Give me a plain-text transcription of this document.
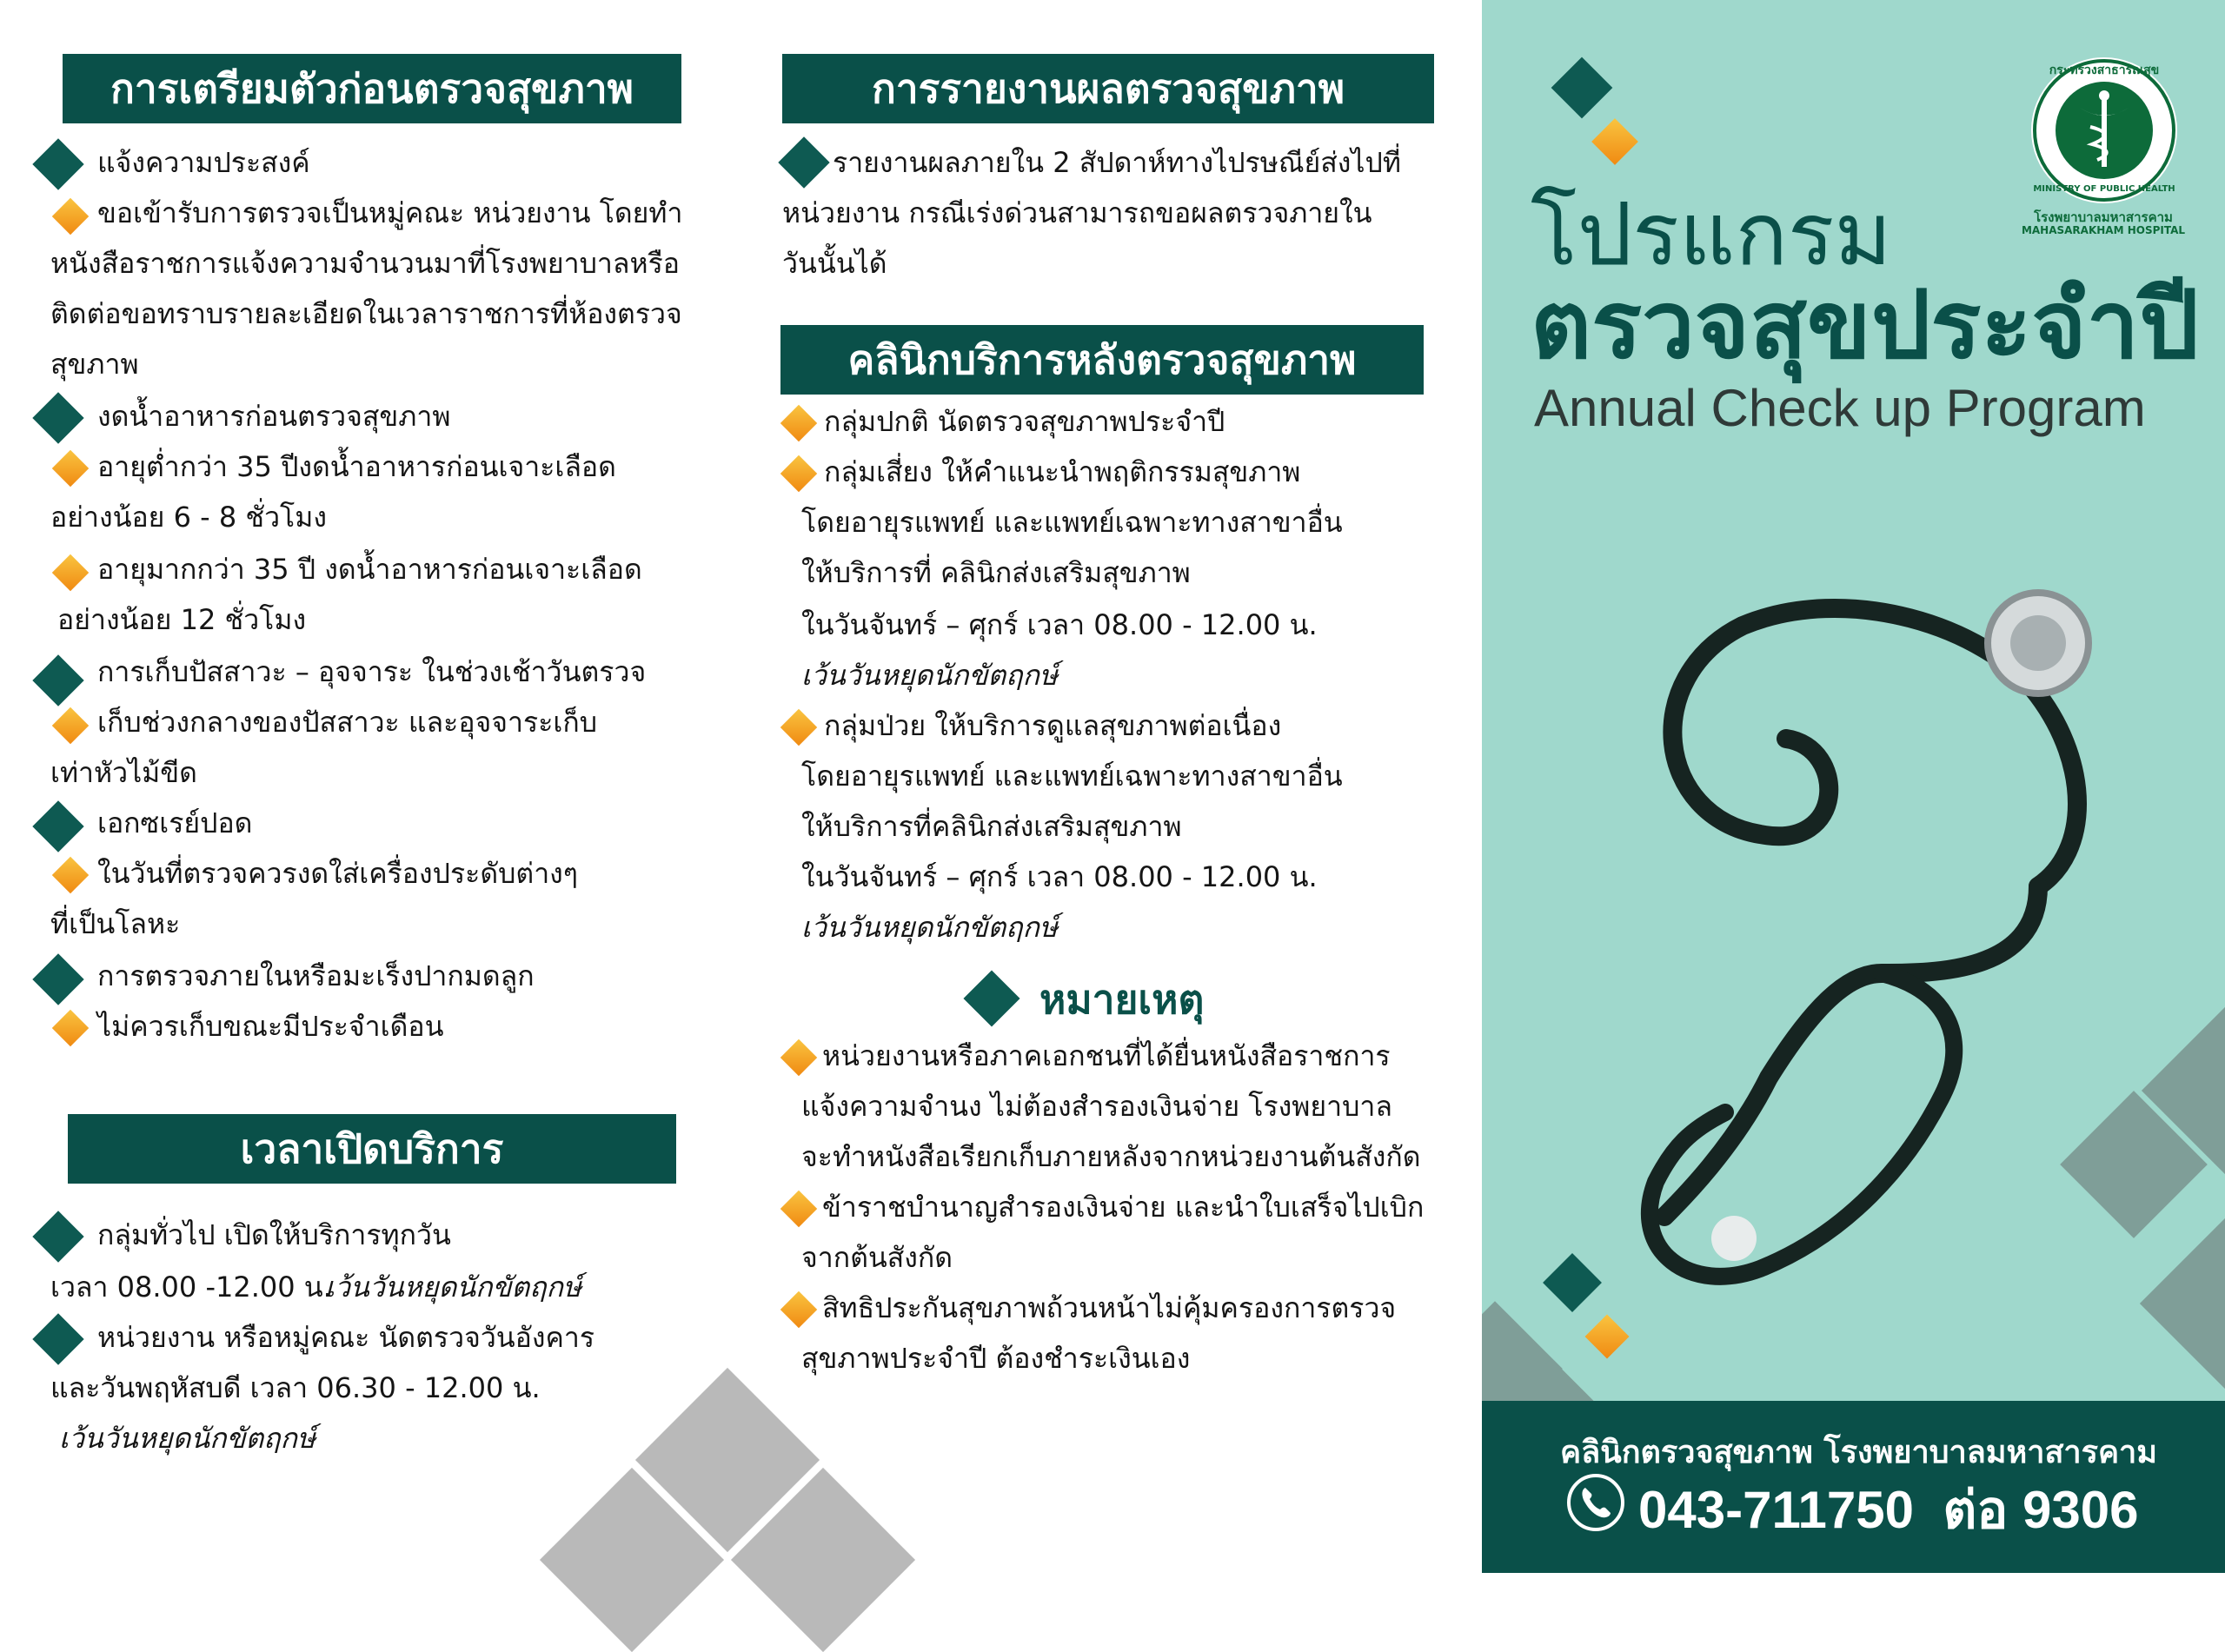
การเตรียมตัวก่อนตรวจสุขภาพ
แจ้งความประสงค์
ขอเข้ารับการตรวจเป็นหมู่คณะ หน่วยงาน โดยทำ
หนังสือราชการแจ้งความจำนวนมาที่โรงพยาบาลหรือ
ติดต่อขอทราบรายละเอียดในเวลาราชการที่ห้องตรวจ
สุขภาพ
งดน้ำอาหารก่อนตรวจสุขภาพ
อายุต่ำกว่า 35 ปีงดน้ำอาหารก่อนเจาะเลือด
อย่างน้อย 6 - 8 ชั่วโมง
อายุมากกว่า 35 ปี งดน้ำอาหารก่อนเจาะเลือด
อย่างน้อย 12 ชั่วโมง
การเก็บปัสสาวะ – อุจจาระ ในช่วงเช้าวันตรวจ
เก็บช่วงกลางของปัสสาวะ และอุจจาระเก็บ
เท่าหัวไม้ขีด
เอกซเรย์ปอด
ในวันที่ตรวจควรงดใส่เครื่องประดับต่างๆ
ที่เป็นโลหะ
การตรวจภายในหรือมะเร็งปากมดลูก
ไม่ควรเก็บขณะมีประจำเดือน
เวลาเปิดบริการ
กลุ่มทั่วไป เปิดให้บริการทุกวัน
เวลา 08.00 -12.00 น.
เว้นวันหยุดนักขัตฤกษ์
หน่วยงาน หรือหมู่คณะ นัดตรวจวันอังคาร
และวันพฤหัสบดี เวลา 06.30 - 12.00 น.
เว้นวันหยุดนักขัตฤกษ์
การรายงานผลตรวจสุขภาพ
รายงานผลภายใน 2 สัปดาห์ทางไปรษณีย์ส่งไปที่
หน่วยงาน กรณีเร่งด่วนสามารถขอผลตรวจภายใน
วันนั้นได้
คลินิกบริการหลังตรวจสุขภาพ
กลุ่มปกติ นัดตรวจสุขภาพประจำปี
กลุ่มเสี่ยง ให้คำแนะนำพฤติกรรมสุขภาพ
โดยอายุรแพทย์ และแพทย์เฉพาะทางสาขาอื่น
ให้บริการที่ คลินิกส่งเสริมสุขภาพ
ในวันจันทร์ – ศุกร์ เวลา 08.00 - 12.00 น.
เว้นวันหยุดนักขัตฤกษ์
กลุ่มป่วย ให้บริการดูแลสุขภาพต่อเนื่อง
โดยอายุรแพทย์ และแพทย์เฉพาะทางสาขาอื่น
ให้บริการที่คลินิกส่งเสริมสุขภาพ
ในวันจันทร์ – ศุกร์ เวลา 08.00 - 12.00 น.
เว้นวันหยุดนักขัตฤกษ์
หมายเหตุ
หน่วยงานหรือภาคเอกชนที่ได้ยื่นหนังสือราชการ
แจ้งความจำนง ไม่ต้องสำรองเงินจ่าย โรงพยาบาล
จะทำหนังสือเรียกเก็บภายหลังจากหน่วยงานต้นสังกัด
ข้าราชบำนาญสำรองเงินจ่าย และนำใบเสร็จไปเบิก
จากต้นสังกัด
สิทธิประกันสุขภาพถ้วนหน้าไม่คุ้มครองการตรวจ
สุขภาพประจำปี ต้องชำระเงินเอง
กระทรวงสาธารณสุข
MINISTRY OF PUBLIC HEALTH
โรงพยาบาลมหาสารคาม
MAHASARAKHAM HOSPITAL
โปรแกรม
ตรวจสุขประจำปี
Annual Check up Program
คลินิกตรวจสุขภาพ โรงพยาบาลมหาสารคาม
043-711750  ต่อ 9306
